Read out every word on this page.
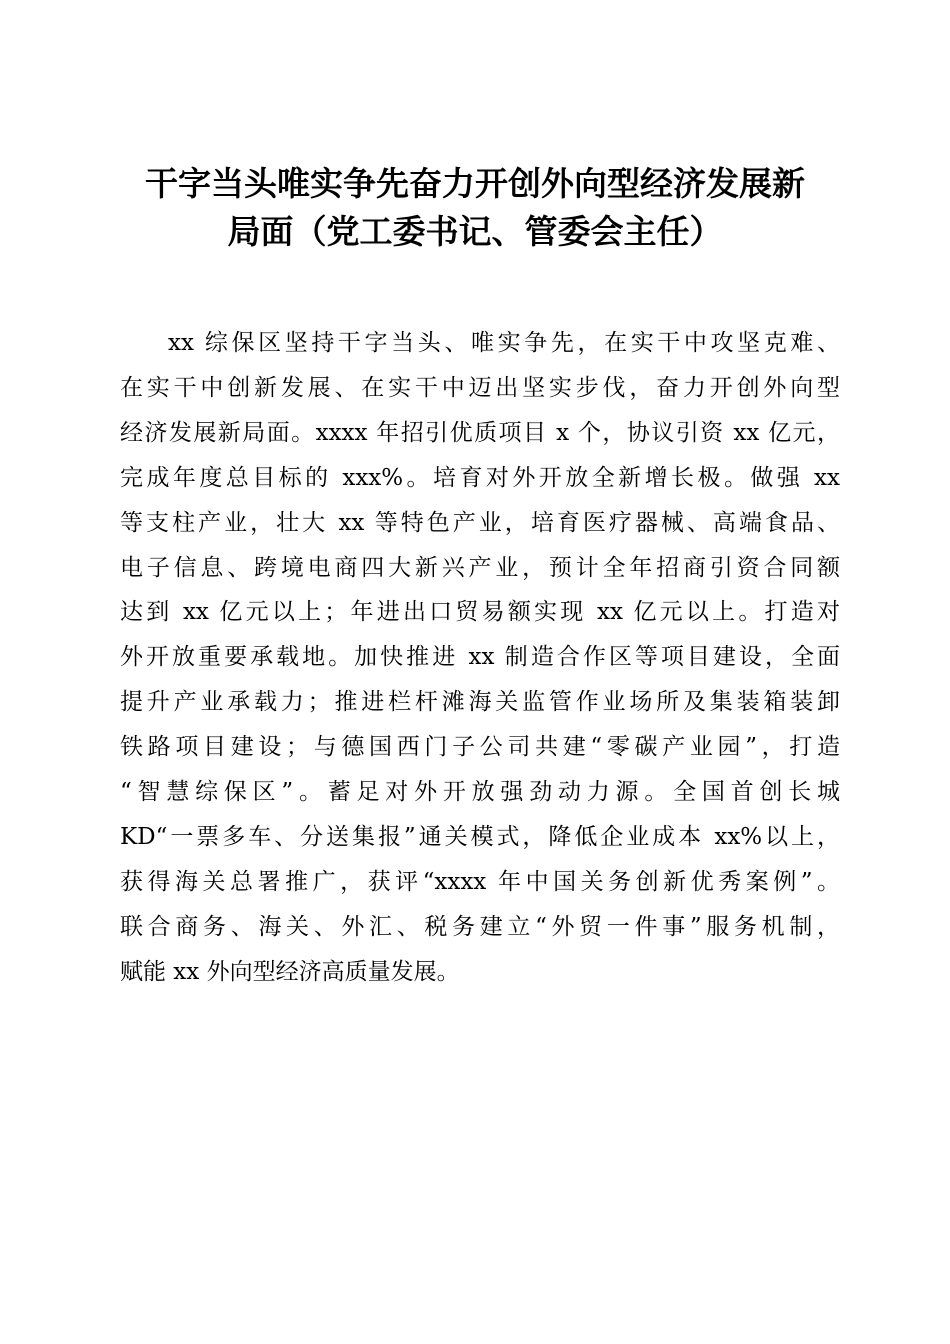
干字当头唯实争先奋力开创外向型经济发展新
局面（党工委书记、管委会主任）
xx 综保区坚持干字当头、唯实争先，在实干中攻坚克难、
在实干中创新发展、在实干中迈出坚实步伐，奋力开创外向型
经济发展新局面。xxxx 年招引优质项目 x 个，协议引资 xx 亿元，
完成年度总目标的 xxx%。培育对外开放全新增长极。做强 xx
等支柱产业，壮大 xx 等特色产业，培育医疗器械、高端食品、
电子信息、跨境电商四大新兴产业，预计全年招商引资合同额
达到 xx 亿元以上；年进出口贸易额实现 xx 亿元以上。打造对
外开放重要承载地。加快推进 xx 制造合作区等项目建设，全面
提升产业承载力；推进栏杆滩海关监管作业场所及集装箱装卸
铁路项目建设；与德国西门子公司共建“零碳产业园”，打造
“智慧综保区”。蓄足对外开放强劲动力源。全国首创长城
KD“一票多车、分送集报”通关模式，降低企业成本 xx%以上，
获得海关总署推广，获评“xxxx 年中国关务创新优秀案例”。
联合商务、海关、外汇、税务建立“外贸一件事”服务机制，
赋能 xx 外向型经济高质量发展。
